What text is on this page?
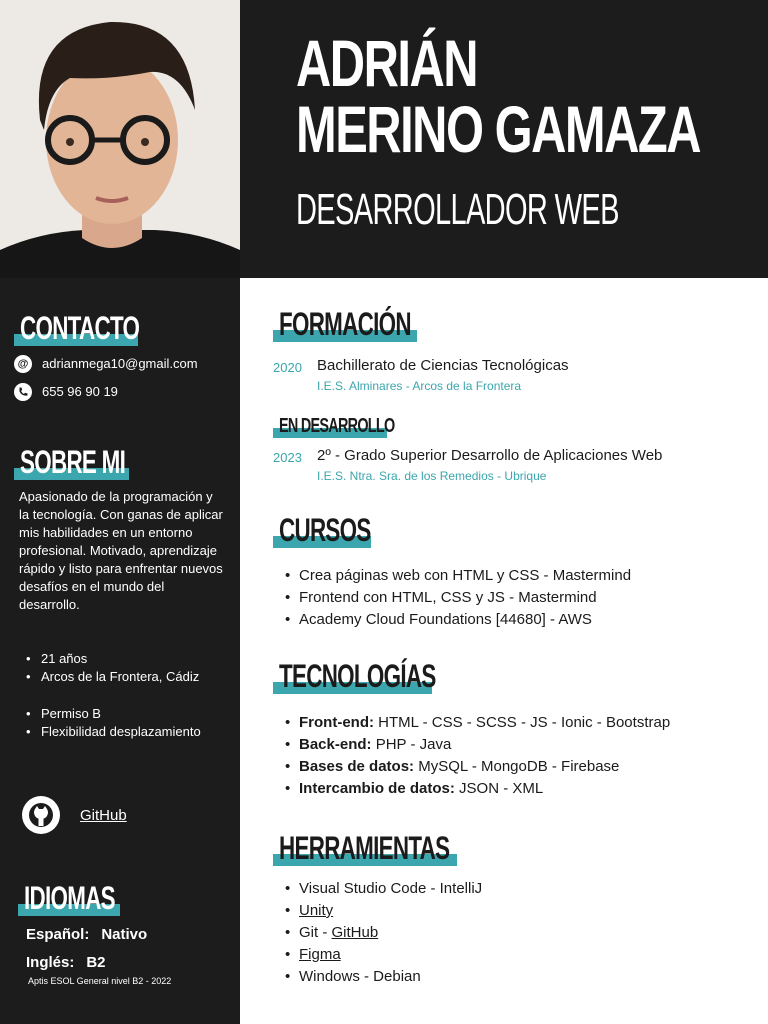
ADRIÁN
MERINO GAMAZA
DESARROLLADOR WEB
CONTACTO
@ adrianmega10@gmail.com
655 96 90 19
SOBRE MI
Apasionado de la programación y la tecnología. Con ganas de aplicar mis habilidades en un entorno profesional. Motivado, aprendizaje rápido y listo para enfrentar nuevos desafíos en el mundo del desarrollo.
• 21 años
• Arcos de la Frontera, Cádiz
• Permiso B
• Flexibilidad desplazamiento
GitHub
IDIOMAS
Español: Nativo
Inglés: B2
Aptis ESOL General nivel B2 - 2022
FORMACIÓN
2020 Bachillerato de Ciencias Tecnológicas
I.E.S. Alminares - Arcos de la Frontera
EN DESARROLLO
2023 2º - Grado Superior Desarrollo de Aplicaciones Web
I.E.S. Ntra. Sra. de los Remedios - Ubrique
CURSOS
• Crea páginas web con HTML y CSS - Mastermind
• Frontend con HTML, CSS y JS - Mastermind
• Academy Cloud Foundations [44680] - AWS
TECNOLOGÍAS
• Front-end: HTML - CSS - SCSS - JS - Ionic - Bootstrap
• Back-end: PHP - Java
• Bases de datos: MySQL - MongoDB - Firebase
• Intercambio de datos: JSON - XML
HERRAMIENTAS
• Visual Studio Code - IntelliJ
• Unity
• Git - GitHub
• Figma
• Windows - Debian
